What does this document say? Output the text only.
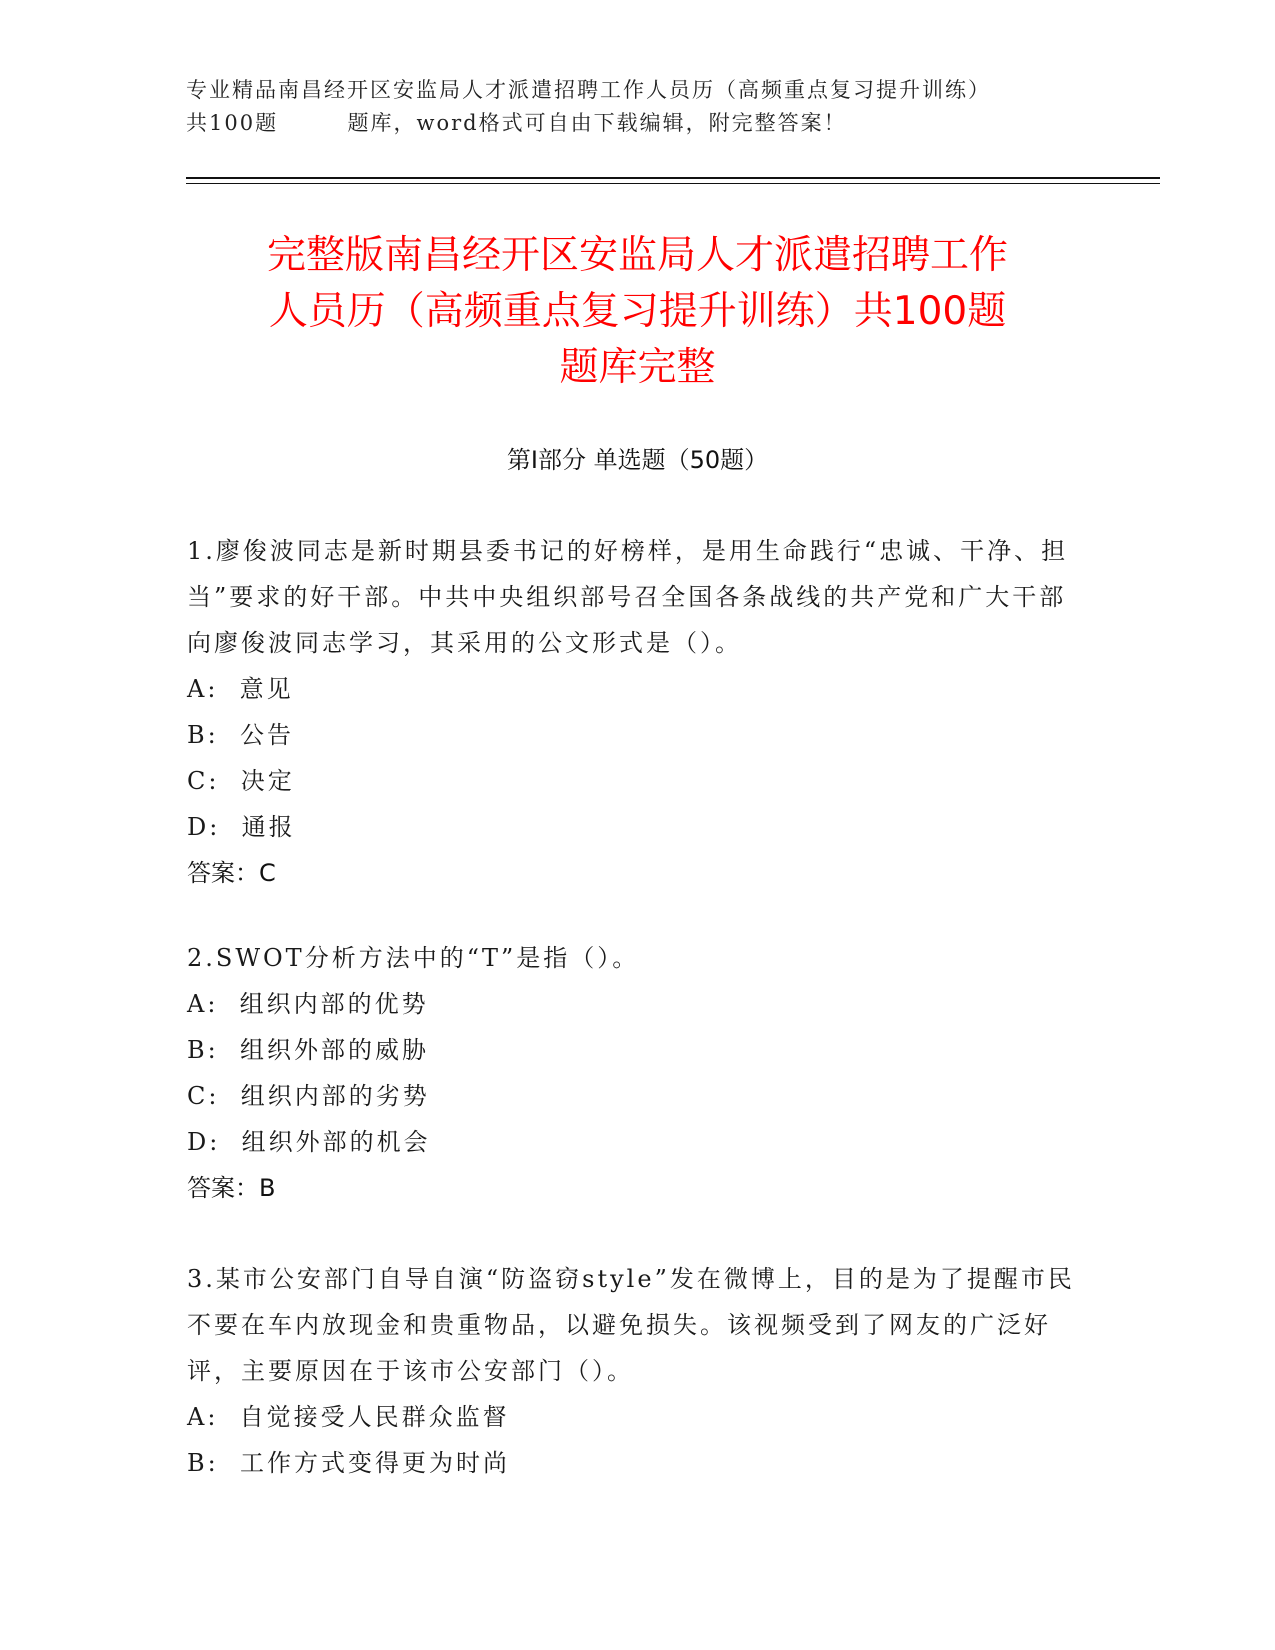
专业精品南昌经开区安监局人才派遣招聘工作人员历（高频重点复习提升训练）
共100题        题库，word格式可自由下载编辑，附完整答案！
完整版南昌经开区安监局人才派遣招聘工作
人员历（高频重点复习提升训练）共100题
题库完整
第Ⅰ部分 单选题（50题）

1.廖俊波同志是新时期县委书记的好榜样，是用生命践行“忠诚、干净、担当”要求的好干部。中共中央组织部号召全国各条战线的共产党和广大干部向廖俊波同志学习，其采用的公文形式是（）。

A:  意见
B:  公告
C:  决定
D:  通报
答案：C

2.SWOT分析方法中的“T”是指（）。

A:  组织内部的优势
B:  组织外部的威胁
C:  组织内部的劣势
D:  组织外部的机会
答案：B

3.某市公安部门自导自演“防盗窃style”发在微博上，目的是为了提醒市民不要在车内放现金和贵重物品，以避免损失。该视频受到了网友的广泛好评，主要原因在于该市公安部门（）。

A:  自觉接受人民群众监督
B:  工作方式变得更为时尚
